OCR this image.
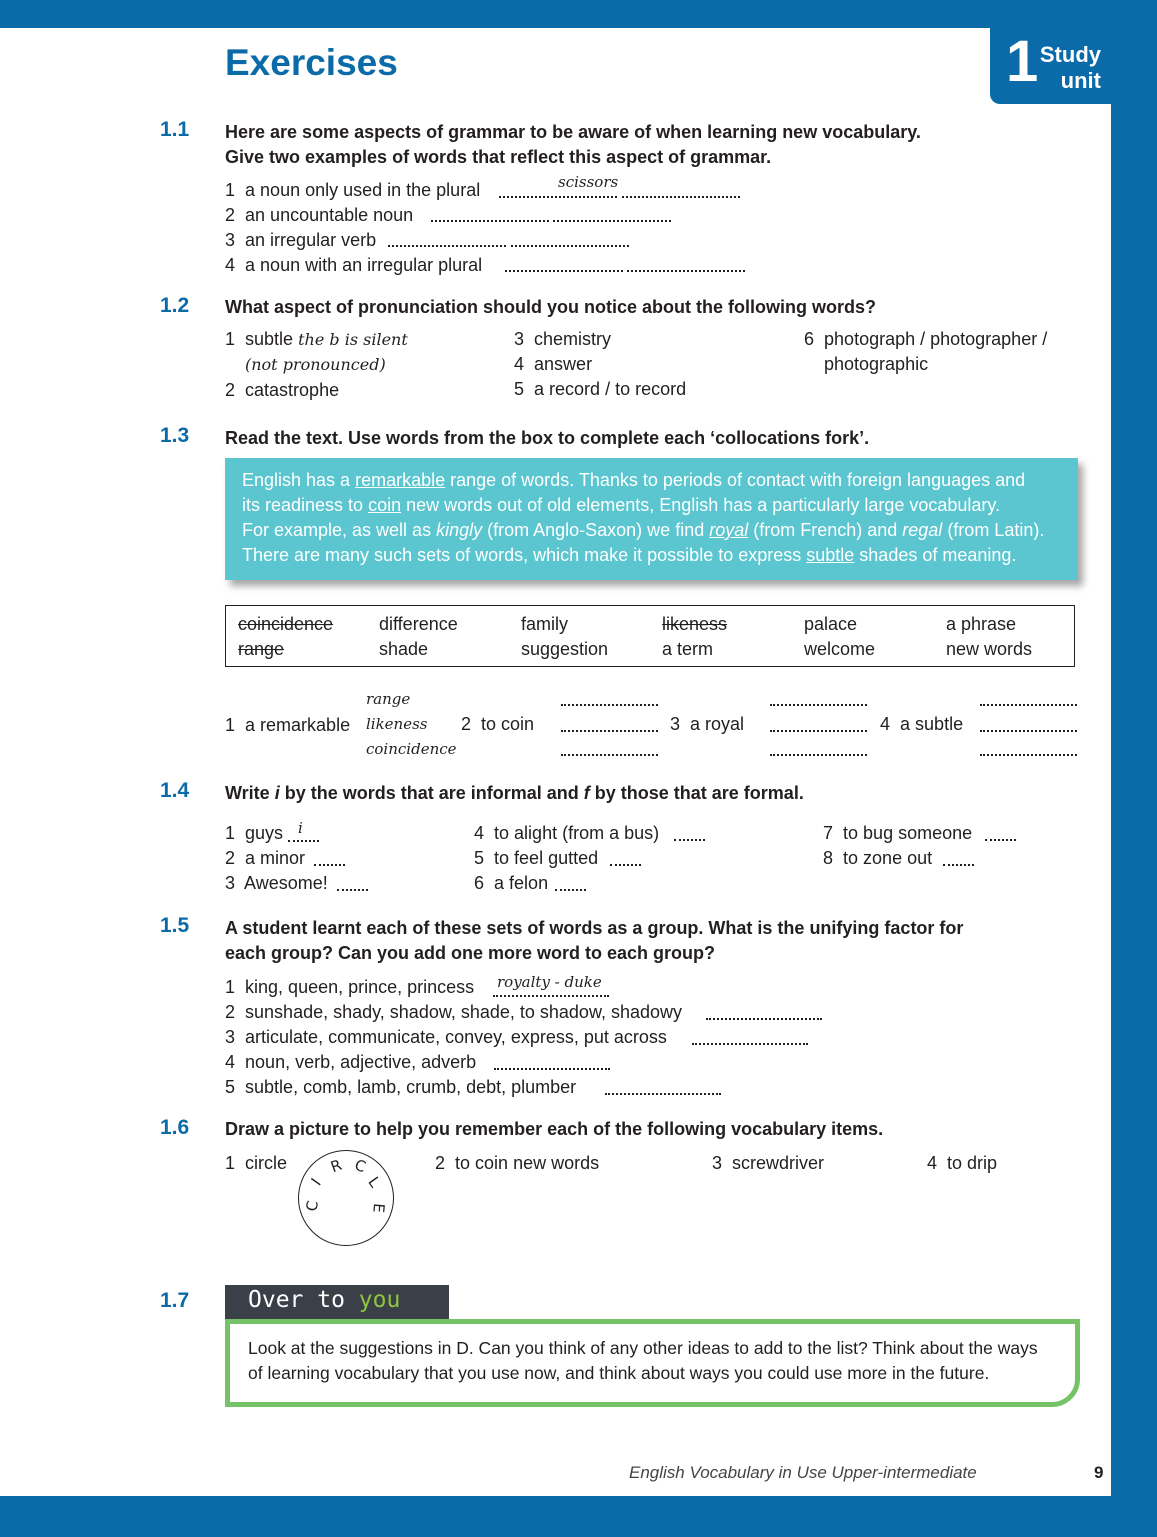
1 Study
unit
Exercises
1.1 Here are some aspects of grammar to be aware of when learning new vocabulary.
Give two examples of words that reflect this aspect of grammar.
1 a noun only used in the plural	scissors
2 an uncountable noun
3 an irregular verb
4 a noun with an irregular plural
1.2 What aspect of pronunciation should you notice about the following words?
1 subtle the b is silent
(not pronounced)
2 catastrophe
3 chemistry
4 answer
5 a record / to record
6 photograph / photographer /
photographic
1.3 Read the text. Use words from the box to complete each ‘collocations fork’.
English has a remarkable range of words. Thanks to periods of contact with foreign languages and
its readiness to coin new words out of old elements, English has a particularly large vocabulary.
For example, as well as kingly (from Anglo-Saxon) we find royal (from French) and regal (from Latin).
There are many such sets of words, which make it possible to express subtle shades of meaning.
coincidence	difference	family	likeness	palace	a phrase
range	shade	suggestion	a term	welcome	new words
1 a remarkable
range
likeness
coincidence
2 to coin	3 a royal	4 a subtle
1.4 Write i by the words that are informal and f by those that are formal.
1 guys i
2 a minor
3 Awesome!
4 to alight (from a bus)
5 to feel gutted
6 a felon
7 to bug someone
8 to zone out
1.5 A student learnt each of these sets of words as a group. What is the unifying factor for
each group? Can you add one more word to each group?
1 king, queen, prince, princess royalty - duke
2 sunshade, shady, shadow, shade, to shadow, shadowy
3 articulate, communicate, convey, express, put across
4 noun, verb, adjective, adverb
5 subtle, comb, lamb, crumb, debt, plumber
1.6 Draw a picture to help you remember each of the following vocabulary items.
1 circle
C
I
R C
L
E
2 to coin new words	3 screwdriver	4 to drip
1.7	Over to you
Look at the suggestions in D. Can you think of any other ideas to add to the list? Think about the ways
of learning vocabulary that you use now, and think about ways you could use more in the future.
English Vocabulary in Use Upper-intermediate	9
